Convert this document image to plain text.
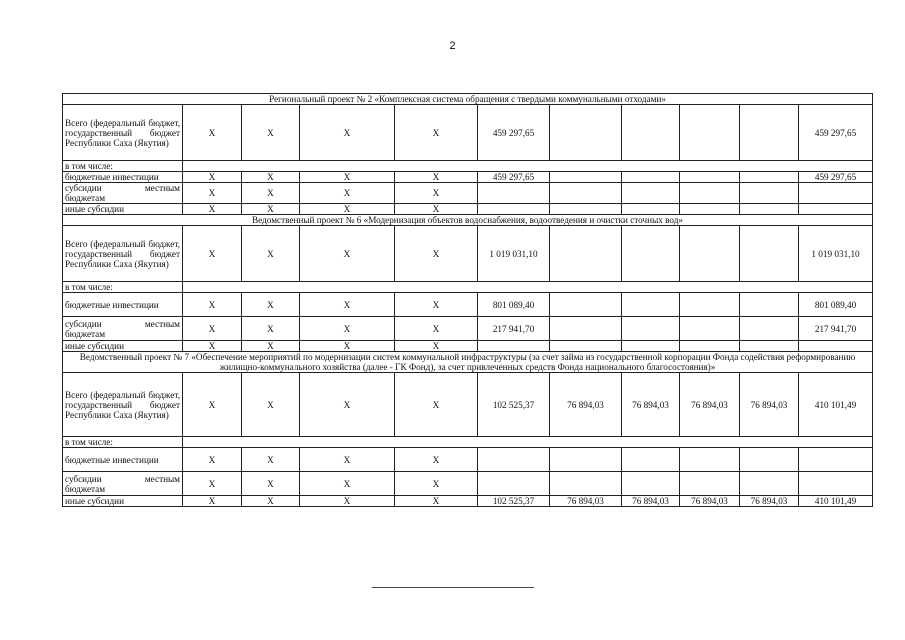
2
Региональный проект № 2 «Комплексная система обращения с твердыми коммунальными отходами»										
Всего (федеральный бюджет, государственный бюджет Республики Саха (Якутия)	Х	Х	Х	Х	459 297,65					459 297,65
в том числе:										
бюджетные инвестиции	Х	Х	Х	Х	459 297,65					459 297,65
субсидии местным бюджетам	Х	Х	Х	Х						
иные субсидии	Х	Х	Х	Х						
Ведомственный проект № 6 «Модернизация объектов водоснабжения, водоотведения и очистки сточных вод»										
Всего (федеральный бюджет, государственный бюджет Республики Саха (Якутия)	Х	Х	Х	Х	1 019 031,10					1 019 031,10
в том числе:										
бюджетные инвестиции	Х	Х	Х	Х	801 089,40					801 089,40
субсидии местным бюджетам	Х	Х	Х	Х	217 941,70					217 941,70
иные субсидии	Х	Х	Х	Х						
Ведомственный проект № 7 «Обеспечение мероприятий по модернизации систем коммунальной инфраструктуры (за счет займа из государственной корпорации Фонда содействия реформированию жилищно-коммунального хозяйства (далее - ГК Фонд), за счет привлеченных средств Фонда национального благосостояния)»										
Всего (федеральный бюджет, государственный бюджет Республики Саха (Якутия)	Х	Х	Х	Х	102 525,37	76 894,03	76 894,03	76 894,03	76 894,03	410 101,49
в том числе:										
бюджетные инвестиции	Х	Х	Х	Х						
субсидии местным бюджетам	Х	Х	Х	Х						
иные субсидии	Х	Х	Х	Х	102 525,37	76 894,03	76 894,03	76 894,03	76 894,03	410 101,49
